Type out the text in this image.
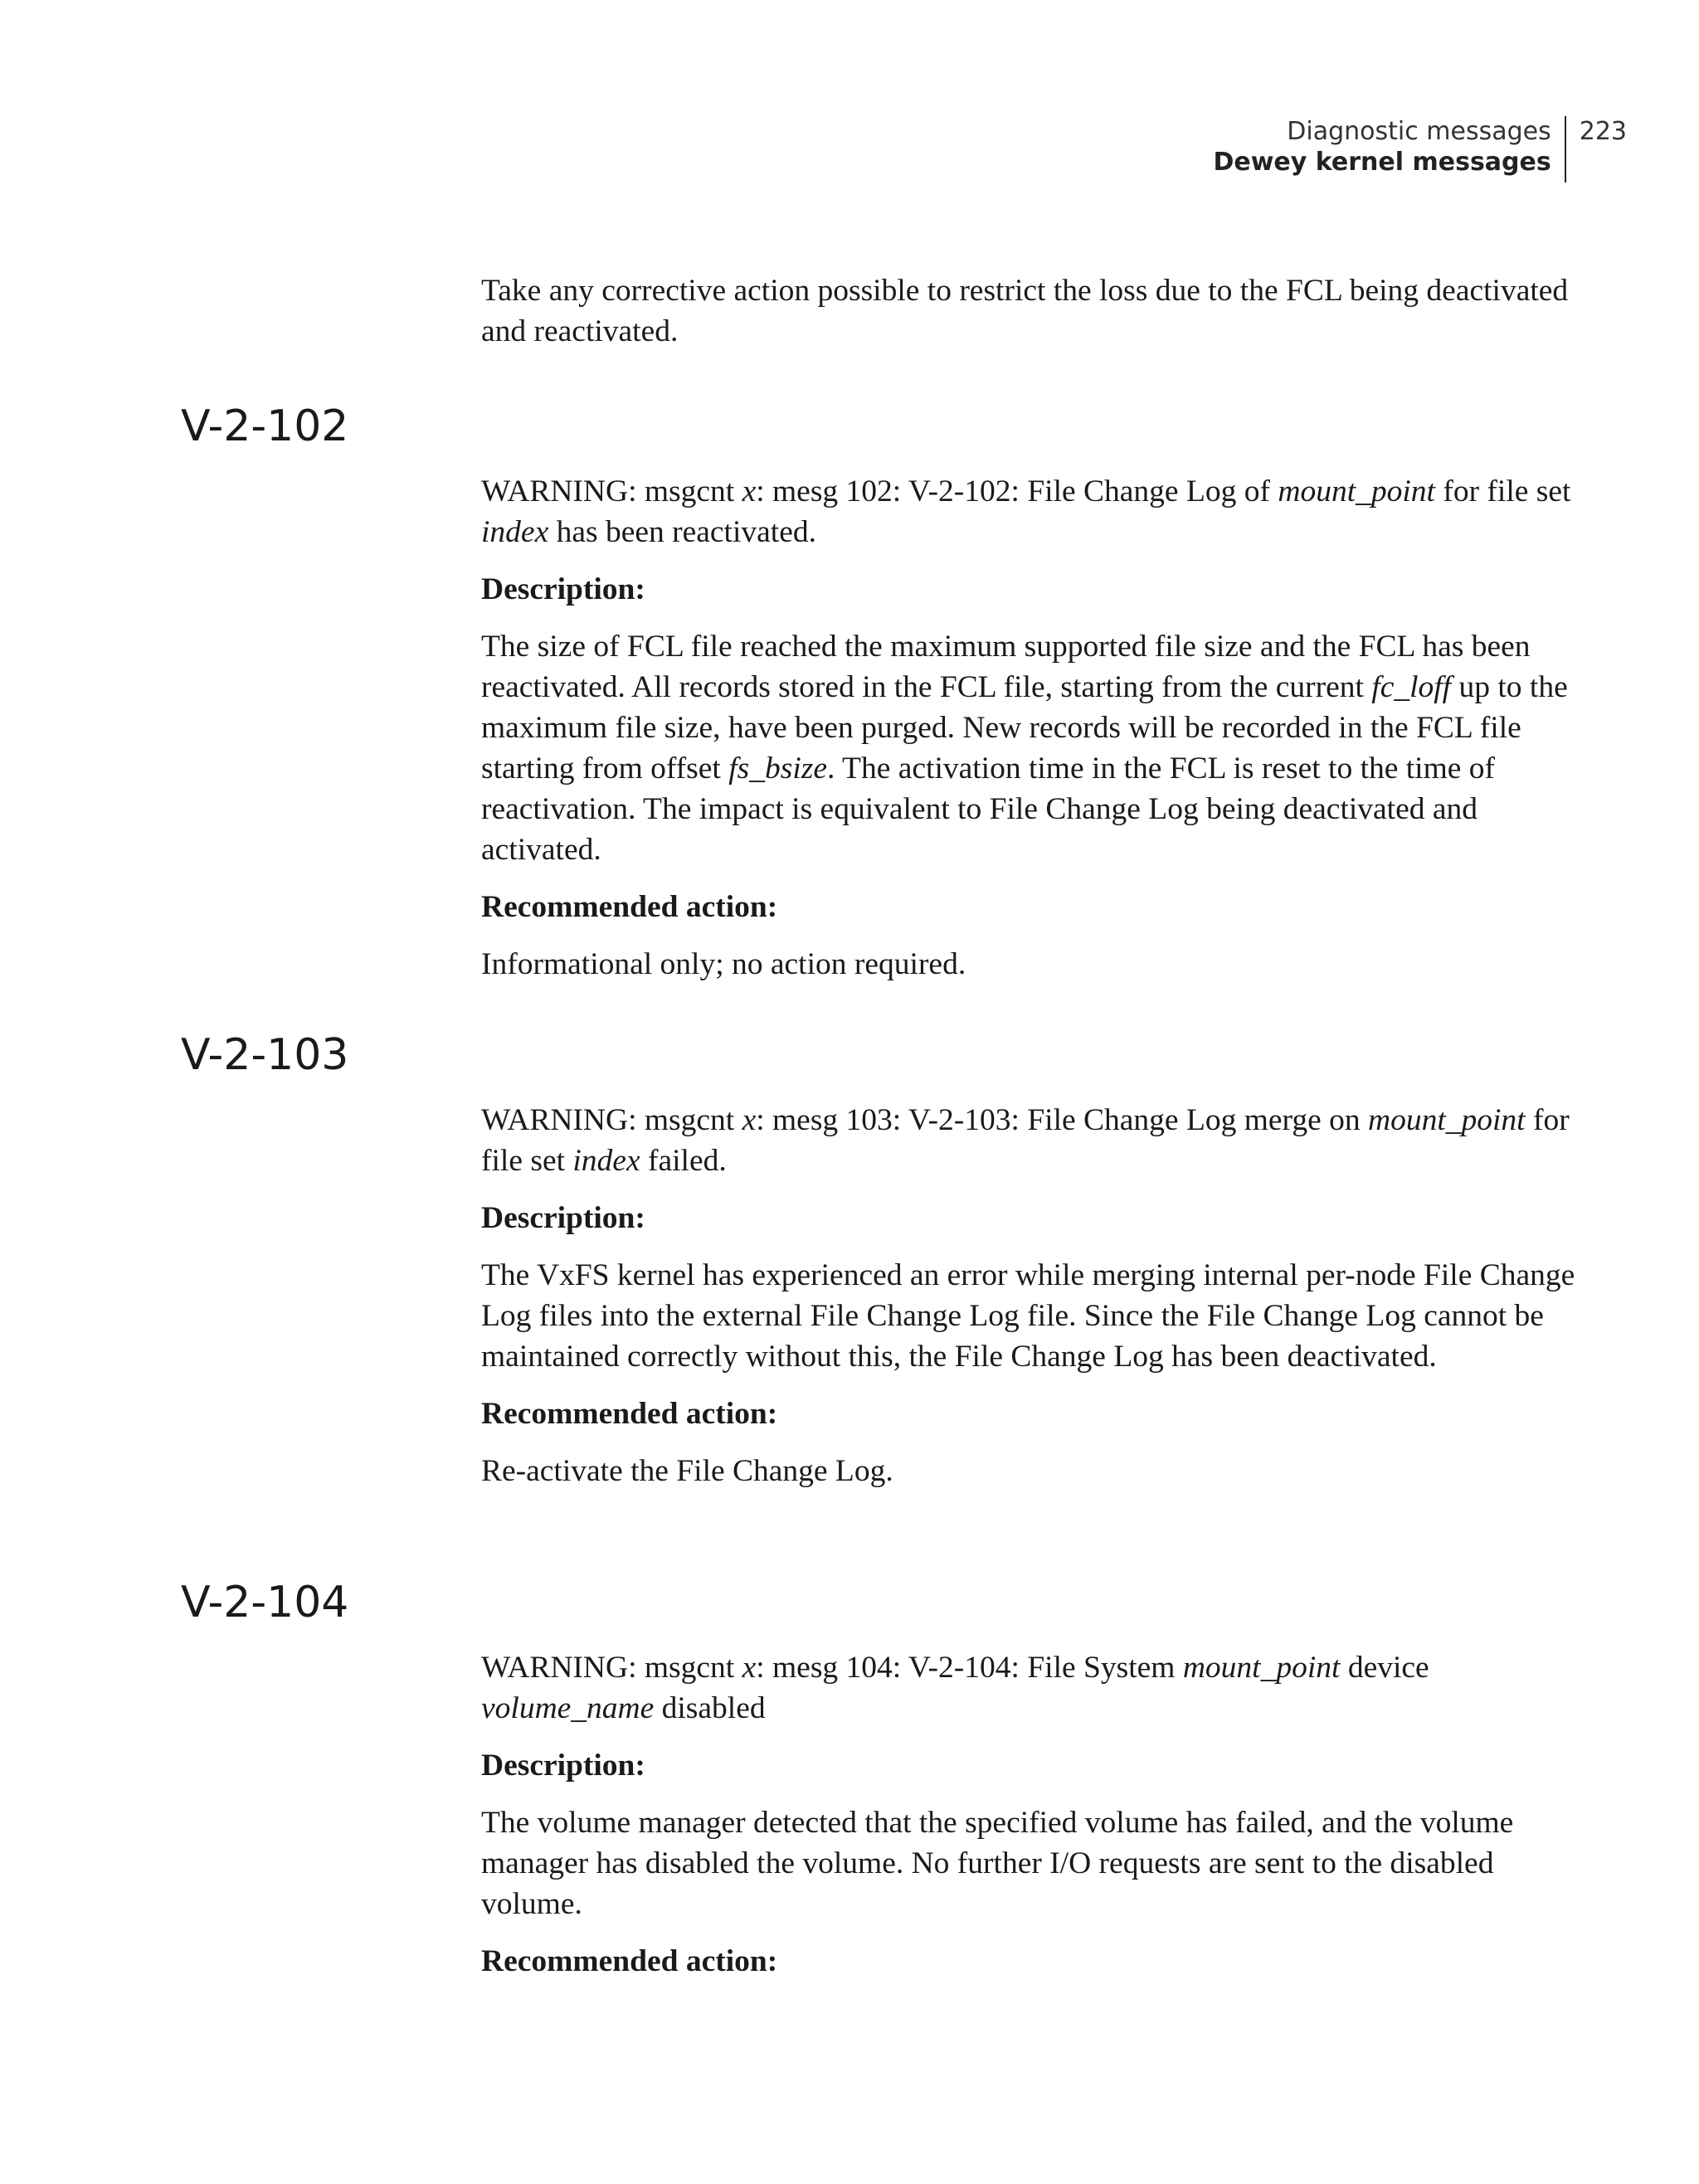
Diagnostic messages
Dewey kernel messages
223

Take any corrective action possible to restrict the loss due to the FCL being deactivated and reactivated.

V-2-102

WARNING: msgcnt x: mesg 102: V-2-102: File Change Log of mount_point for file set index has been reactivated.

Description:

The size of FCL file reached the maximum supported file size and the FCL has been reactivated. All records stored in the FCL file, starting from the current fc_loff up to the maximum file size, have been purged. New records will be recorded in the FCL file starting from offset fs_bsize. The activation time in the FCL is reset to the time of reactivation. The impact is equivalent to File Change Log being deactivated and activated.

Recommended action:

Informational only; no action required.

V-2-103

WARNING: msgcnt x: mesg 103: V-2-103: File Change Log merge on mount_point for file set index failed.

Description:

The VxFS kernel has experienced an error while merging internal per-node File Change Log files into the external File Change Log file. Since the File Change Log cannot be maintained correctly without this, the File Change Log has been deactivated.

Recommended action:

Re-activate the File Change Log.

V-2-104

WARNING: msgcnt x: mesg 104: V-2-104: File System mount_point device volume_name disabled

Description:

The volume manager detected that the specified volume has failed, and the volume manager has disabled the volume. No further I/O requests are sent to the disabled volume.

Recommended action:
